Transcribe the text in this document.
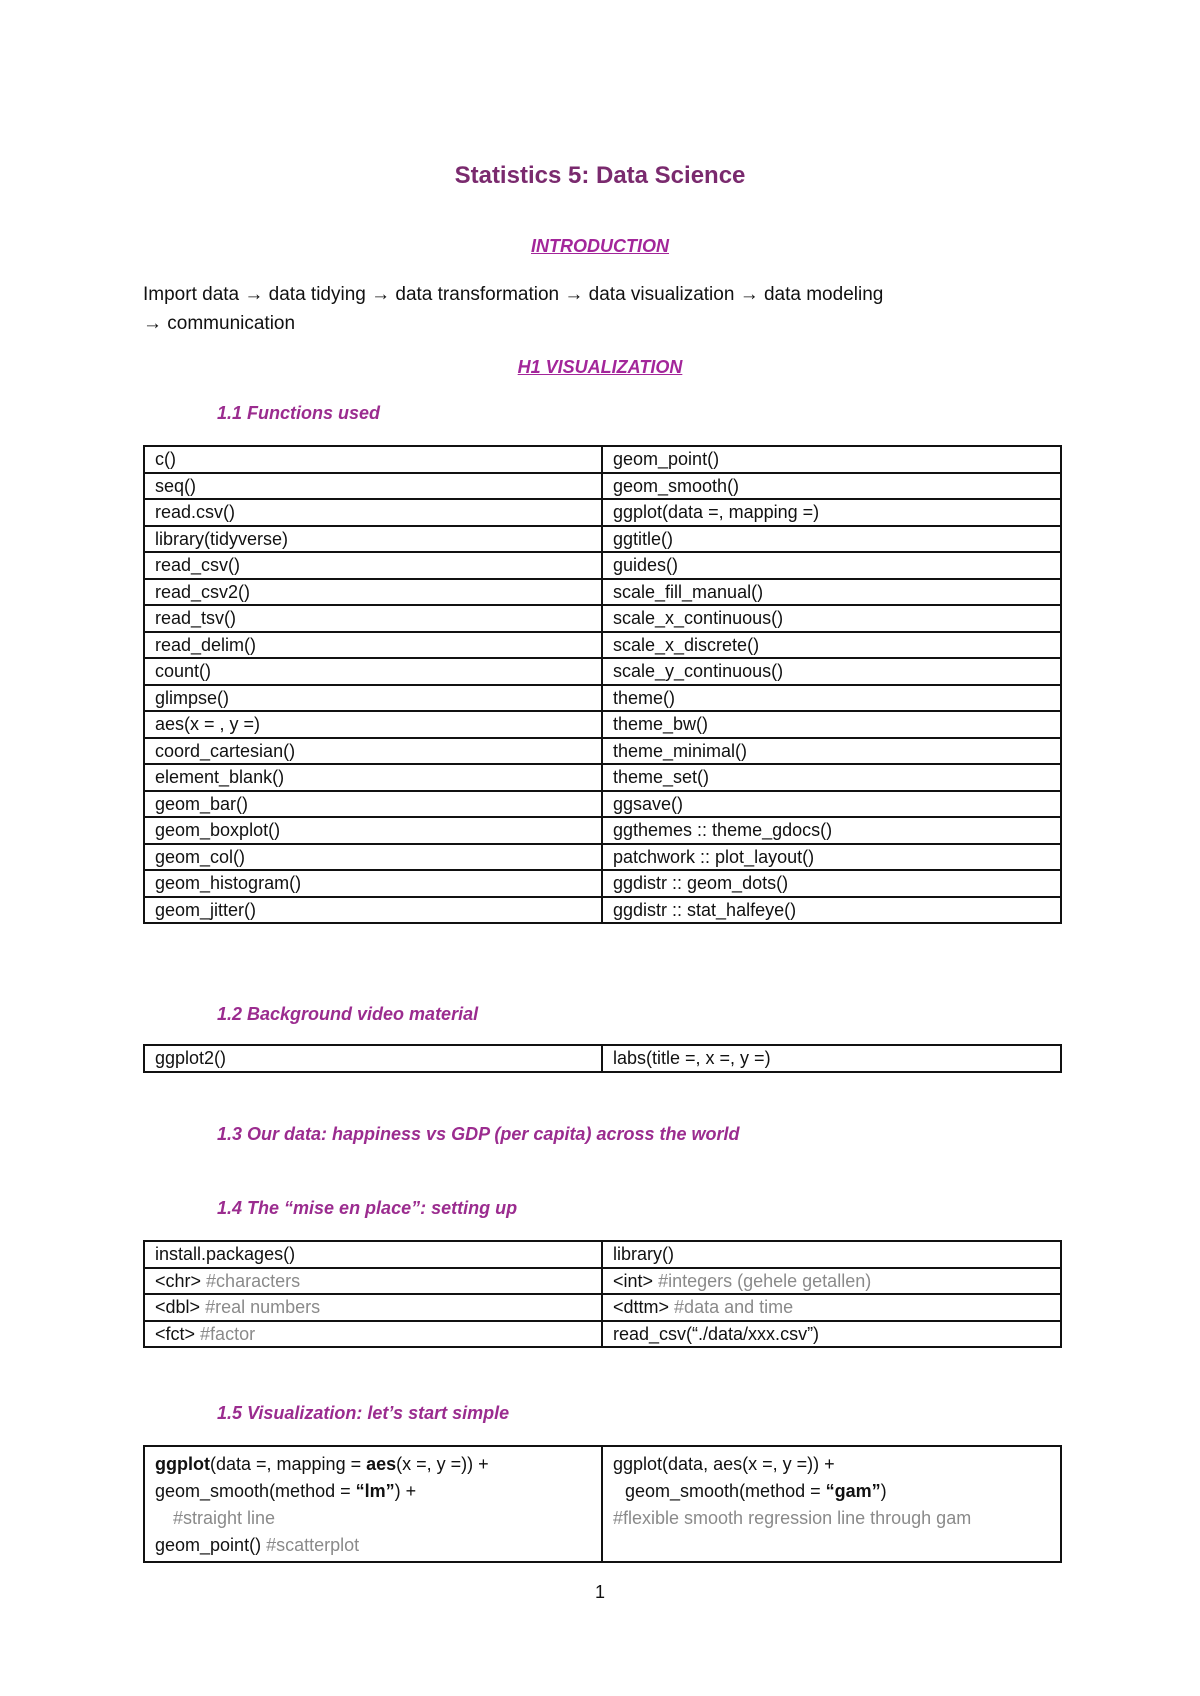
Statistics 5: Data Science
INTRODUCTION
Import data → data tidying → data transformation → data visualization → data modeling
→ communication
H1 VISUALIZATION
1.1 Functions used
c()	geom_point()
seq()	geom_smooth()
read.csv()	ggplot(data =, mapping =)
library(tidyverse)	ggtitle()
read_csv()	guides()
read_csv2()	scale_fill_manual()
read_tsv()	scale_x_continuous()
read_delim()	scale_x_discrete()
count()	scale_y_continuous()
glimpse()	theme()
aes(x = , y =)	theme_bw()
coord_cartesian()	theme_minimal()
element_blank()	theme_set()
geom_bar()	ggsave()
geom_boxplot()	ggthemes :: theme_gdocs()
geom_col()	patchwork :: plot_layout()
geom_histogram()	ggdistr :: geom_dots()
geom_jitter()	ggdistr :: stat_halfeye()
1.2 Background video material
ggplot2()	labs(title =, x =, y =)
1.3 Our data: happiness vs GDP (per capita) across the world
1.4 The “mise en place”: setting up
install.packages()	library()
<chr> #characters	<int> #integers (gehele getallen)
<dbl> #real numbers	<dttm> #data and time
<fct> #factor	read_csv(“./data/xxx.csv”)
1.5 Visualization: let’s start simple
ggplot(data =, mapping = aes(x =, y =)) +
geom_smooth(method = “lm”) +
#straight line
geom_point() #scatterplot

ggplot(data, aes(x =, y =)) +
geom_smooth(method = “gam”)
#flexible smooth regression line through gam
1
